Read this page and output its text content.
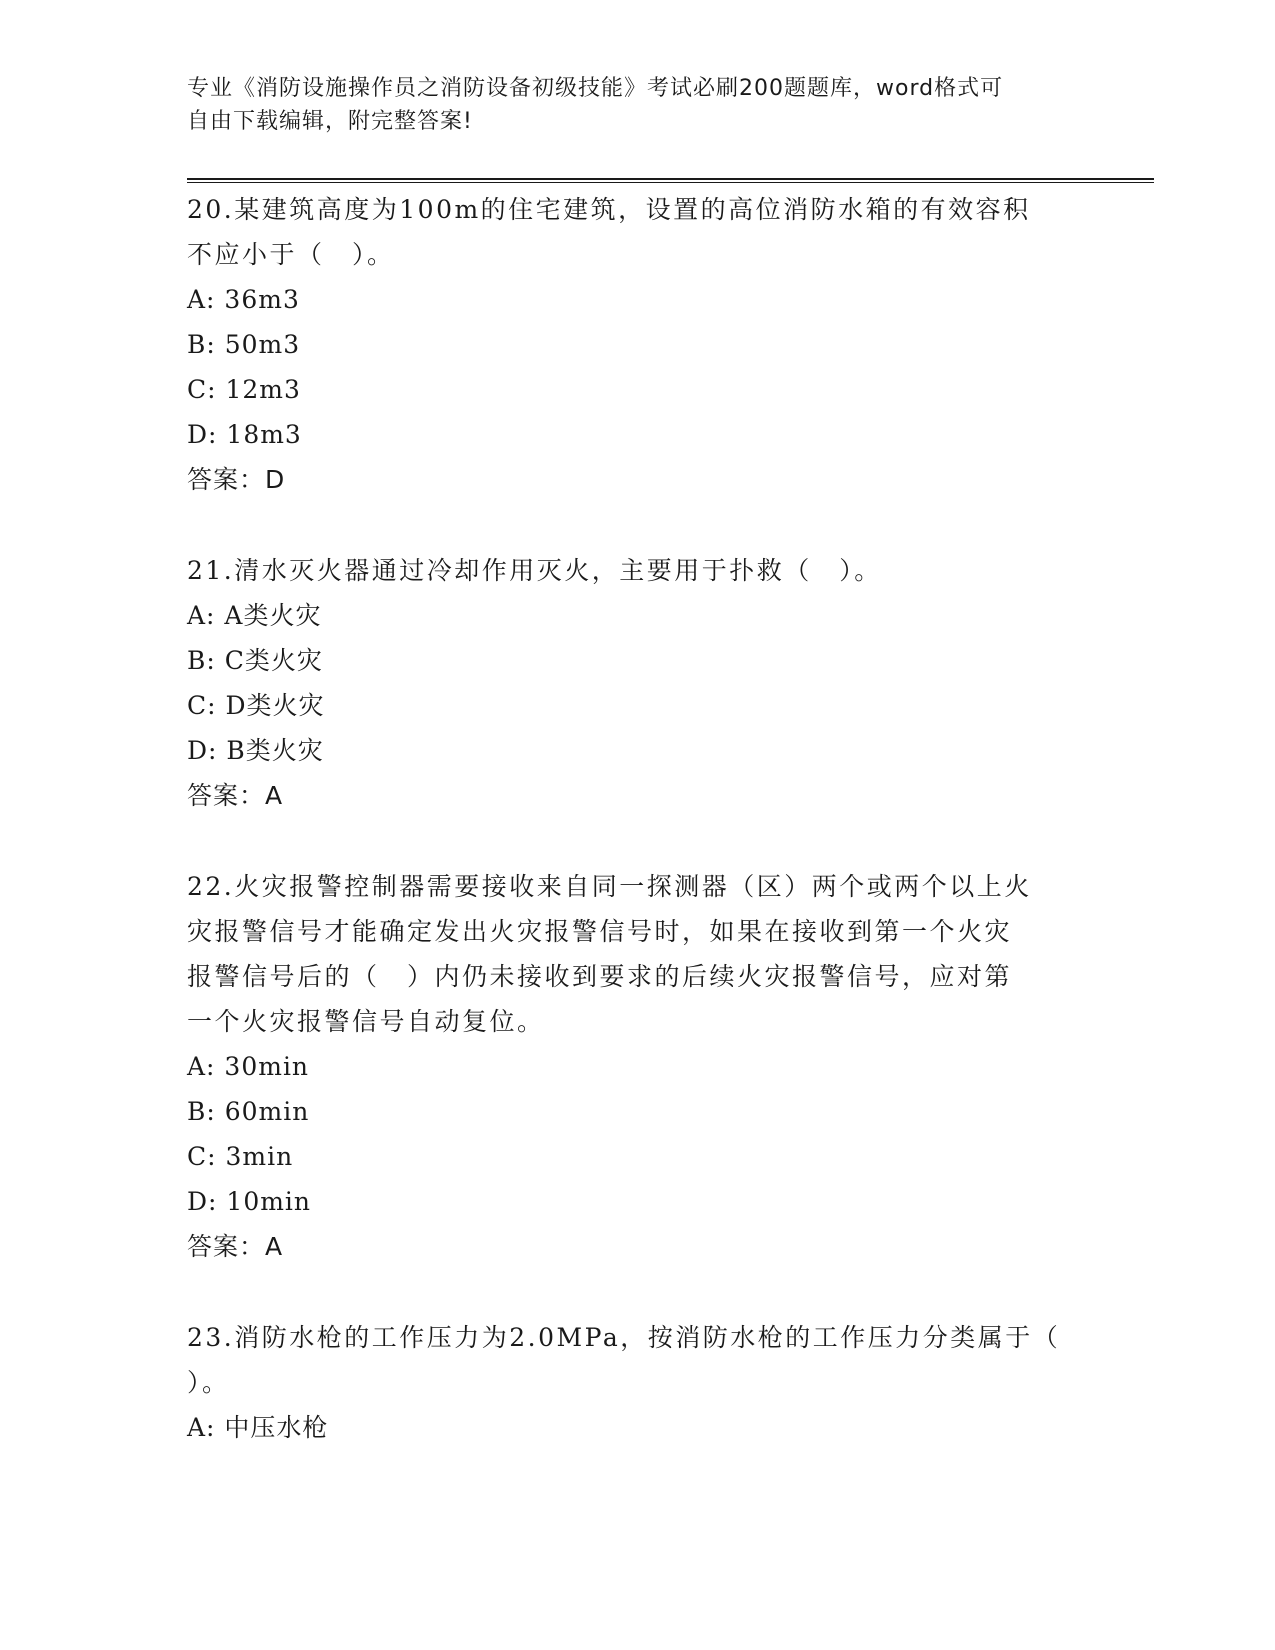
专业《消防设施操作员之消防设备初级技能》考试必刷200题题库，word格式可
自由下载编辑，附完整答案!

20.某建筑高度为100m的住宅建筑，设置的高位消防水箱的有效容积

不应小于（　）。

A: 36m3

B: 50m3

C: 12m3

D: 18m3

答案：D

21.清水灭火器通过冷却作用灭火，主要用于扑救（　）。

A: A类火灾

B: C类火灾

C: D类火灾

D: B类火灾

答案：A

22.火灾报警控制器需要接收来自同一探测器（区）两个或两个以上火

灾报警信号才能确定发出火灾报警信号时，如果在接收到第一个火灾

报警信号后的（　）内仍未接收到要求的后续火灾报警信号，应对第

一个火灾报警信号自动复位。

A: 30min

B: 60min

C: 3min

D: 10min

答案：A

23.消防水枪的工作压力为2.0MPa，按消防水枪的工作压力分类属于（

）。

A: 中压水枪
